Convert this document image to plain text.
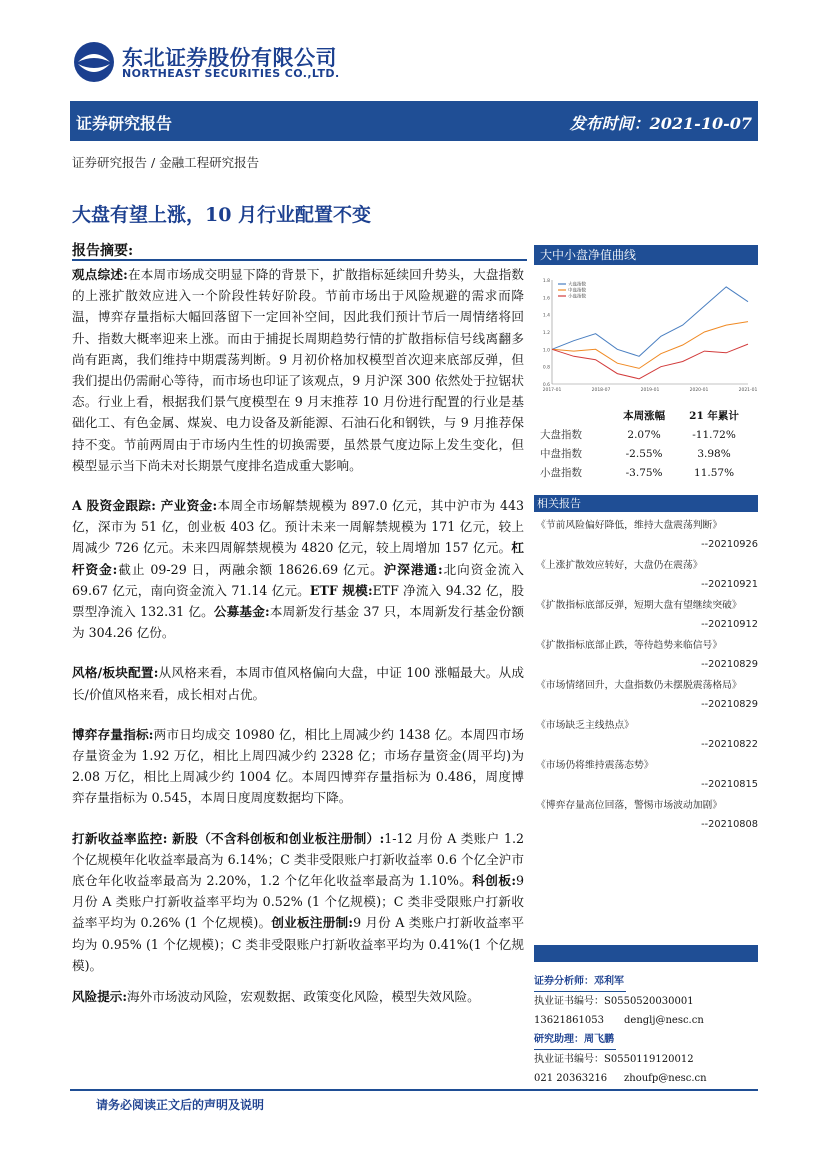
东北证券股份有限公司
NORTHEAST SECURITIES CO.,LTD.
证券研究报告	发布时间：2021-10-07
证券研究报告 / 金融工程研究报告
大盘有望上涨，10 月行业配置不变
报告摘要:

观点综述:在本周市场成交明显下降的背景下，扩散指标延续回升势头，大盘指数的上涨扩散效应进入一个阶段性转好阶段。节前市场出于风险规避的需求而降温，博弈存量指标大幅回落留下一定回补空间，因此我们预计节后一周情绪将回升、指数大概率迎来上涨。而由于捕捉长周期趋势行情的扩散指标信号线离翻多尚有距离，我们维持中期震荡判断。9 月初价格加权模型首次迎来底部反弹，但我们提出仍需耐心等待，而市场也印证了该观点，9 月沪深 300 依然处于拉锯状态。行业上看，根据我们景气度模型在 9 月末推荐 10 月份进行配置的行业是基础化工、有色金属、煤炭、电力设备及新能源、石油石化和钢铁，与 9 月推荐保持不变。节前两周由于市场内生性的切换需要，虽然景气度边际上发生变化，但模型显示当下尚未对长期景气度排名造成重大影响。

A 股资金跟踪: 产业资金:本周全市场解禁规模为 897.0 亿元，其中沪市为 443 亿，深市为 51 亿，创业板 403 亿。预计未来一周解禁规模为 171 亿元，较上周减少 726 亿元。未来四周解禁规模为 4820 亿元，较上周增加 157 亿元。杠杆资金:截止 09-29 日，两融余额 18626.69 亿元。沪深港通:北向资金流入 69.67 亿元，南向资金流入 71.14 亿元。ETF 规模:ETF 净流入 94.32 亿，股票型净流入 132.31 亿。公募基金:本周新发行基金 37 只，本周新发行基金份额为 304.26 亿份。

风格/板块配置:从风格来看，本周市值风格偏向大盘，中证 100 涨幅最大。从成长/价值风格来看，成长相对占优。

博弈存量指标:两市日均成交 10980 亿，相比上周减少约 1438 亿。本周四市场存量资金为 1.92 万亿，相比上周四减少约 2328 亿；市场存量资金(周平均)为 2.08 万亿，相比上周减少约 1004 亿。本周四博弈存量指标为 0.486，周度博弈存量指标为 0.545，本周日度周度数据均下降。

打新收益率监控: 新股（不含科创板和创业板注册制）:1-12 月份 A 类账户 1.2 个亿规模年化收益率最高为 6.14%；C 类非受限账户打新收益率 0.6 个亿全沪市底仓年化收益率最高为 2.20%，1.2 个亿年化收益率最高为 1.10%。科创板:9 月份 A 类账户打新收益率平均为 0.52% (1 个亿规模)；C 类非受限账户打新收益率平均为 0.26% (1 个亿规模)。创业板注册制:9 月份 A 类账户打新收益率平均为 0.95% (1 个亿规模)；C 类非受限账户打新收益率平均为 0.41%(1 个亿规模)。

风险提示:海外市场波动风险，宏观数据、政策变化风险，模型失效风险。

大中小盘净值曲线
1.8
1.6
1.4
1.2
1.0
0.8
0.6
2017-01	2018-07	2019-01	2020-01	2021-01
大盘指数
中盘指数
小盘指数
	本周涨幅	21 年累计
大盘指数	2.07%	-11.72%
中盘指数	-2.55%	3.98%
小盘指数	-3.75%	11.57%
相关报告

《节前风险偏好降低，维持大盘震荡判断》

--20210926

《上涨扩散效应转好，大盘仍在震荡》

--20210921

《扩散指标底部反弹，短期大盘有望继续突破》

--20210912

《扩散指标底部止跌，等待趋势来临信号》

--20210829

《市场情绪回升，大盘指数仍未摆脱震荡格局》

--20210829

《市场缺乏主线热点》

--20210822

《市场仍将维持震荡态势》

--20210815

《博弈存量高位回落，警惕市场波动加剧》

--20210808

证券分析师：邓利军
执业证书编号：S0550520030001
13621861053	denglj@nesc.cn
研究助理：周飞鹏
执业证书编号：S0550119120012
021 20363216	zhoufp@nesc.cn
请务必阅读正文后的声明及说明
